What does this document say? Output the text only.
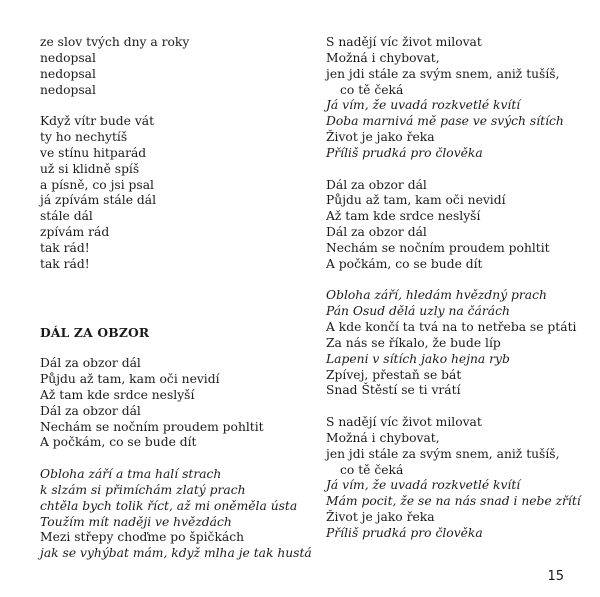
ze slov tvých dny a roky
nedopsal
nedopsal
nedopsal
Když vítr bude vát
ty ho nechytíš
ve stínu hitparád
už si klidně spíš
a písně, co jsi psal
já zpívám stále dál
stále dál
zpívám rád
tak rád!
tak rád!
DÁL ZA OBZOR
Dál za obzor dál
Půjdu až tam, kam oči nevidí
Až tam kde srdce neslyší
Dál za obzor dál
Nechám se nočním proudem pohltit
A počkám, co se bude dít
Obloha září a tma halí strach
k slzám si přimíchám zlatý prach
chtěla bych tolik říct, až mi oněměla ústa
Toužím mít naději ve hvězdách
Mezi střepy choďme po špičkách
jak se vyhýbat mám, když mlha je tak hustá
S nadějí víc život milovat
Možná i chybovat,
jen jdi stále za svým snem, aniž tušíš,
co tě čeká
Já vím, že uvadá rozkvetlé kvítí
Doba marnivá mě pase ve svých sítích
Život je jako řeka
Příliš prudká pro člověka
Dál za obzor dál
Půjdu až tam, kam oči nevidí
Až tam kde srdce neslyší
Dál za obzor dál
Nechám se nočním proudem pohltit
A počkám, co se bude dít
Obloha září, hledám hvězdný prach
Pán Osud dělá uzly na čárách
A kde končí ta tvá na to netřeba se ptáti
Za nás se říkalo, že bude líp
Lapeni v sítích jako hejna ryb
Zpívej, přestaň se bát
Snad Štěstí se ti vrátí
S nadějí víc život milovat
Možná i chybovat,
jen jdi stále za svým snem, aniž tušíš,
co tě čeká
Já vím, že uvadá rozkvetlé kvítí
Mám pocit, že se na nás snad i nebe zřítí
Život je jako řeka
Příliš prudká pro člověka
15
